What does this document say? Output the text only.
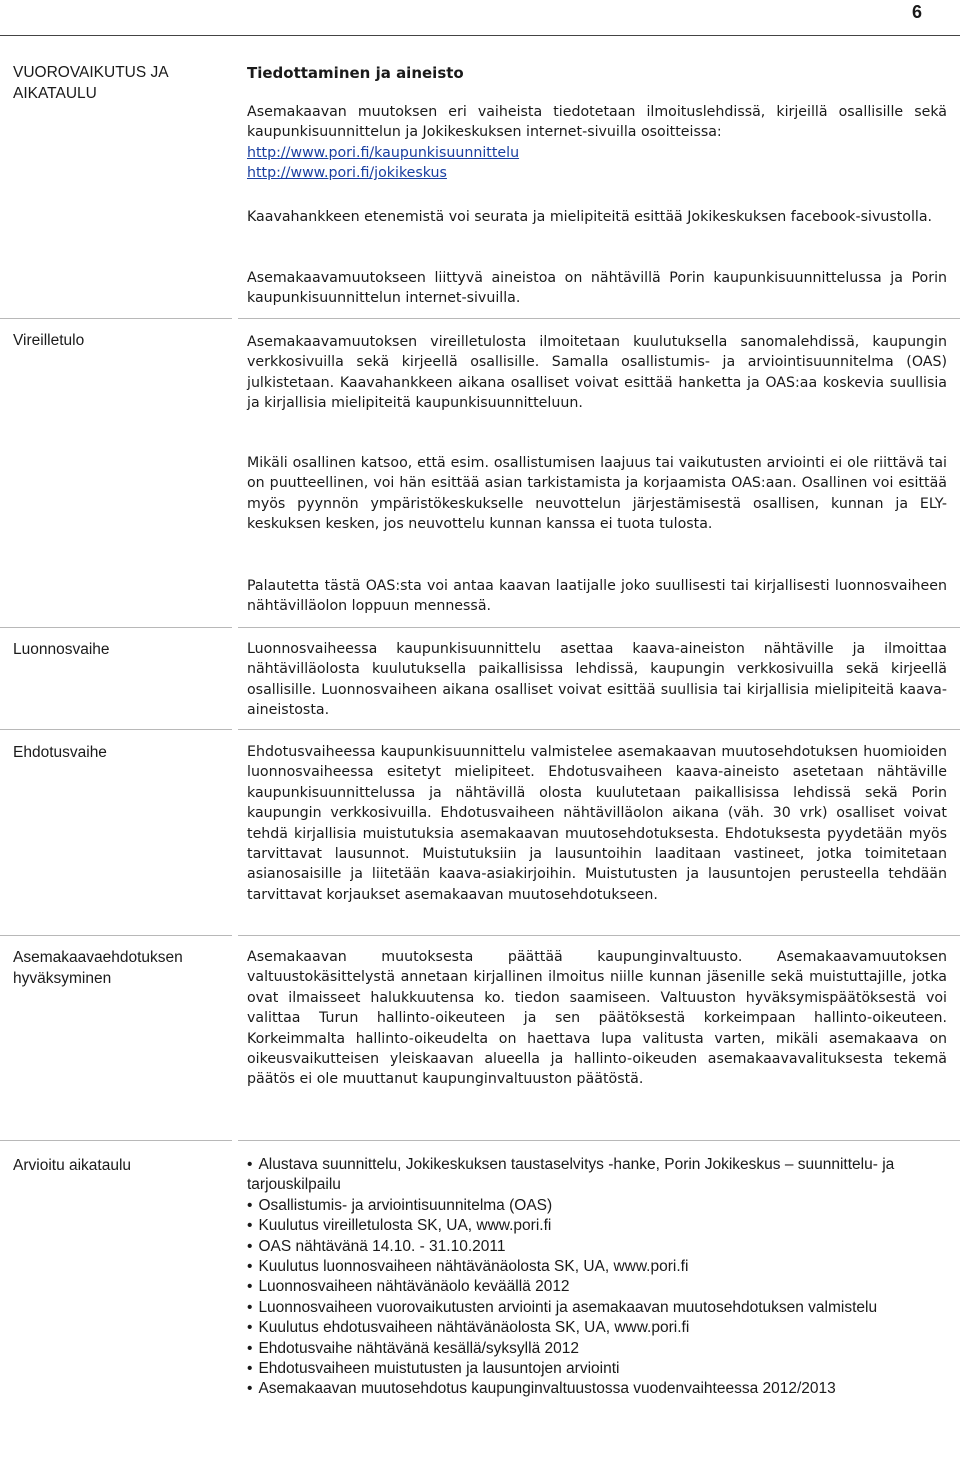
6
VUOROVAIKUTUS JA AIKATAULU
Tiedottaminen ja aineisto
Asemakaavan muutoksen eri vaiheista tiedotetaan ilmoituslehdissä, kirjeillä osallisille sekä kaupunkisuunnittelun ja Jokikeskuksen internet-sivuilla osoitteissa:
http://www.pori.fi/kaupunkisuunnittelu
http://www.pori.fi/jokikeskus
Kaavahankkeen etenemistä voi seurata ja mielipiteitä esittää Jokikeskuksen facebook-sivustolla.
Asemakaavamuutokseen liittyvä aineistoa on nähtävillä Porin kaupunkisuunnittelussa ja Porin kaupunkisuunnittelun internet-sivuilla.
Vireilletulo	Asemakaavamuutoksen vireilletulosta ilmoitetaan kuulutuksella sanomalehdissä, kaupungin verkkosivuilla sekä kirjeellä osallisille. Samalla osallistumis- ja arviointisuunnitelma (OAS) julkistetaan. Kaavahankkeen aikana osalliset voivat esittää hanketta ja OAS:aa koskevia suullisia ja kirjallisia mielipiteitä kaupunkisuunnitteluun.
Mikäli osallinen katsoo, että esim. osallistumisen laajuus tai vaikutusten arviointi ei ole riittävä tai on puutteellinen, voi hän esittää asian tarkistamista ja korjaamista OAS:aan. Osallinen voi esittää myös pyynnön ympäristökeskukselle neuvottelun järjestämisestä osallisen, kunnan ja ELY-keskuksen kesken, jos neuvottelu kunnan kanssa ei tuota tulosta.
Palautetta tästä OAS:sta voi antaa kaavan laatijalle joko suullisesti tai kirjallisesti luonnosvaiheen nähtävilläolon loppuun mennessä.
Luonnosvaihe	Luonnosvaiheessa kaupunkisuunnittelu asettaa kaava-aineiston nähtäville ja ilmoittaa nähtävilläolosta kuulutuksella paikallisissa lehdissä, kaupungin verkkosivuilla sekä kirjeellä osallisille. Luonnosvaiheen aikana osalliset voivat esittää suullisia tai kirjallisia mielipiteitä kaava-aineistosta.
Ehdotusvaihe	Ehdotusvaiheessa kaupunkisuunnittelu valmistelee asemakaavan muutosehdotuksen huomioiden luonnosvaiheessa esitetyt mielipiteet. Ehdotusvaiheen kaava-aineisto asetetaan nähtäville kaupunkisuunnittelussa ja nähtävillä olosta kuulutetaan paikallisissa lehdissä sekä Porin kaupungin verkkosivuilla. Ehdotusvaiheen nähtävilläolon aikana (väh. 30 vrk) osalliset voivat tehdä kirjallisia muistutuksia asemakaavan muutosehdotuksesta. Ehdotuksesta pyydetään myös tarvittavat lausunnot. Muistutuksiin ja lausuntoihin laaditaan vastineet, jotka toimitetaan asianosaisille ja liitetään kaava-asiakirjoihin. Muistutusten ja lausuntojen perusteella tehdään tarvittavat korjaukset asemakaavan muutosehdotukseen.
Asemakaavaehdotuksen hyväksyminen
Asemakaavan muutoksesta päättää kaupunginvaltuusto. Asemakaavamuutoksen valtuustokäsittelystä annetaan kirjallinen ilmoitus niille kunnan jäsenille sekä muistuttajille, jotka ovat ilmaisseet halukkuutensa ko. tiedon saamiseen. Valtuuston hyväksymispäätöksestä voi valittaa Turun hallinto-oikeuteen ja sen päätöksestä korkeimpaan hallinto-oikeuteen. Korkeimmalta hallinto-oikeudelta on haettava lupa valitusta varten, mikäli asemakaava on oikeusvaikutteisen yleiskaavan alueella ja hallinto-oikeuden asemakaavavalituksesta tekemä päätös ei ole muuttanut kaupunginvaltuuston päätöstä.
Arvioitu aikataulu
•	Alustava suunnittelu, Jokikeskuksen taustaselvitys -hanke, Porin Jokikeskus – suunnittelu- ja tarjouskilpailu
• Osallistumis- ja arviointisuunnitelma (OAS)
• Kuulutus vireilletulosta SK, UA, www.pori.fi
• OAS nähtävänä 14.10. - 31.10.2011
• Kuulutus luonnosvaiheen nähtävänäolosta SK, UA, www.pori.fi
• Luonnosvaiheen nähtävänäolo keväällä 2012
• Luonnosvaiheen vuorovaikutusten arviointi ja asemakaavan muutosehdotuksen valmistelu
• Kuulutus ehdotusvaiheen nähtävänäolosta SK, UA, www.pori.fi
• Ehdotusvaihe nähtävänä kesällä/syksyllä 2012
• Ehdotusvaiheen muistutusten ja lausuntojen arviointi
• Asemakaavan muutosehdotus kaupunginvaltuustossa vuodenvaihteessa 2012/2013
